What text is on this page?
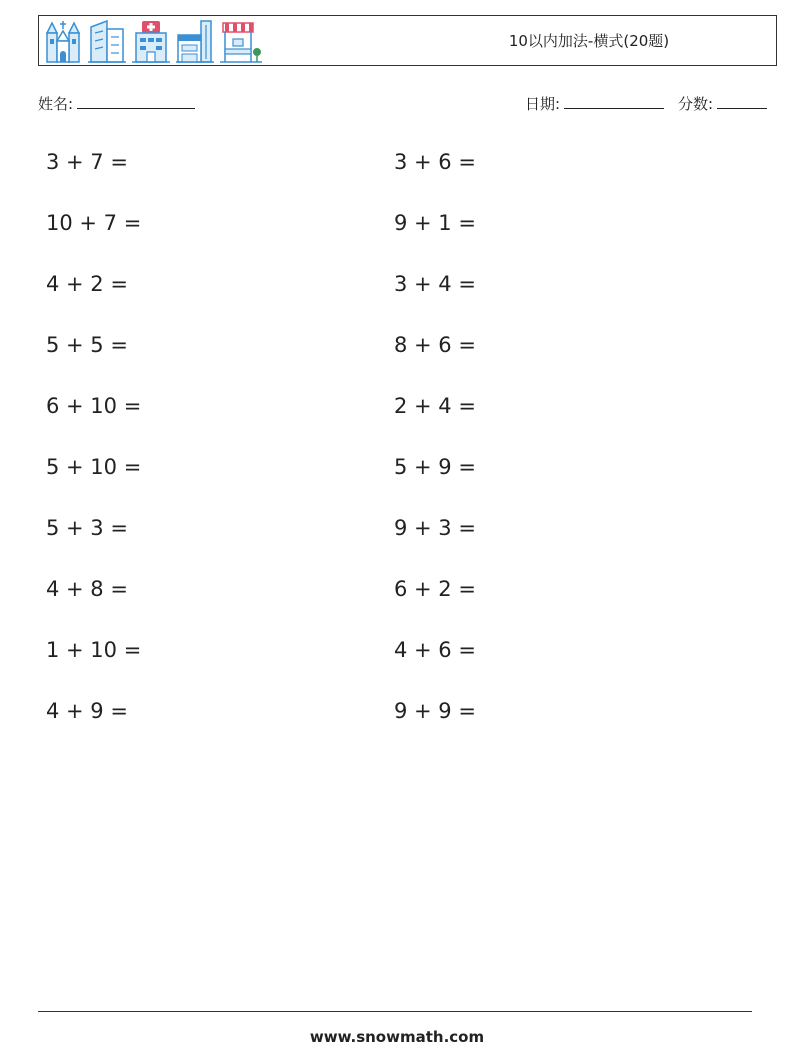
10以内加法-横式(20题)
姓名:	日期:	分数:
3 + 7 =
10 + 7 =
4 + 2 =
5 + 5 =
6 + 10 =
5 + 10 =
5 + 3 =
4 + 8 =
1 + 10 =
4 + 9 =
3 + 6 =
9 + 1 =
3 + 4 =
8 + 6 =
2 + 4 =
5 + 9 =
9 + 3 =
6 + 2 =
4 + 6 =
9 + 9 =
www.snowmath.com
